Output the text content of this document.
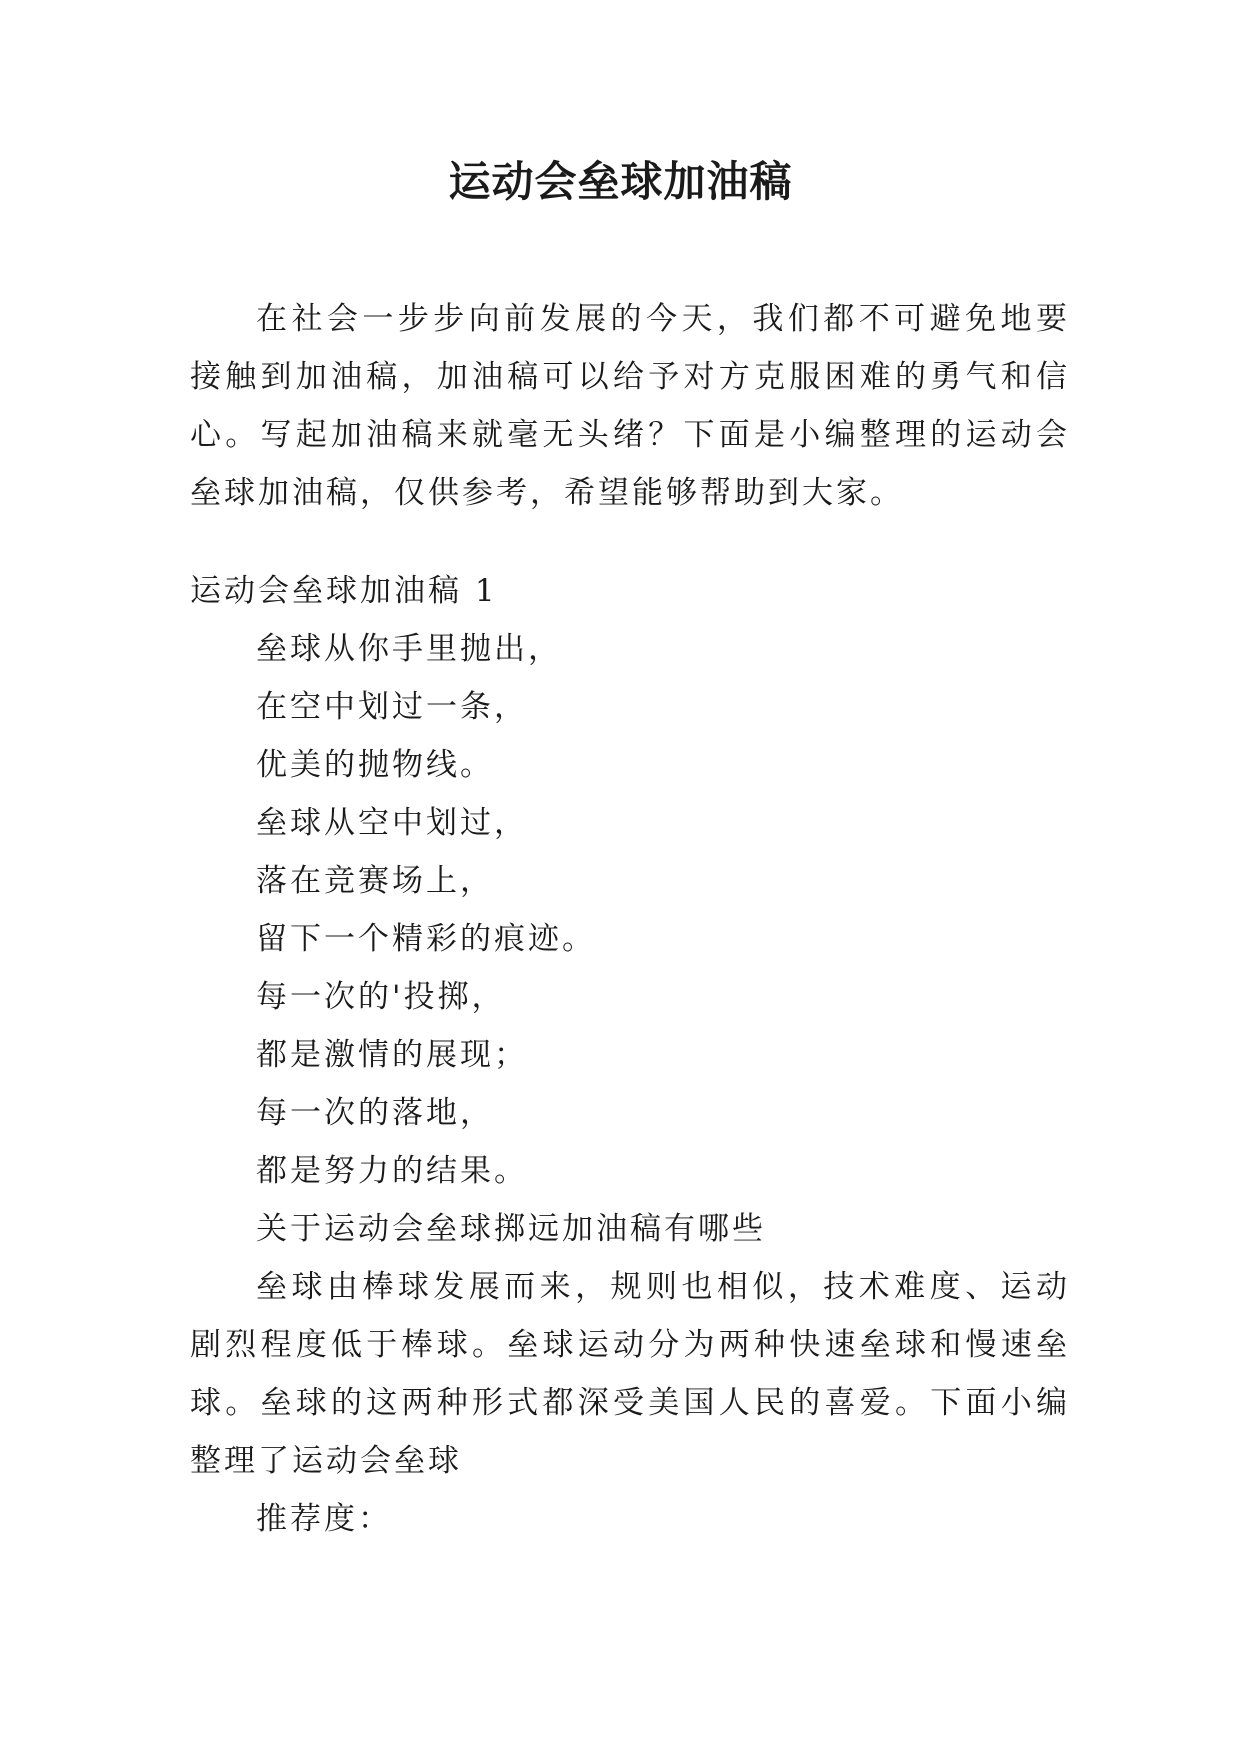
运动会垒球加油稿

在社会一步步向前发展的今天，我们都不可避免地要接触到加油稿，加油稿可以给予对方克服困难的勇气和信心。写起加油稿来就毫无头绪？下面是小编整理的运动会垒球加油稿，仅供参考，希望能够帮助到大家。

运动会垒球加油稿 1

垒球从你手里抛出，

在空中划过一条，

优美的抛物线。

垒球从空中划过，

落在竞赛场上，

留下一个精彩的痕迹。

每一次的'投掷，

都是激情的展现；

每一次的落地，

都是努力的结果。

关于运动会垒球掷远加油稿有哪些

垒球由棒球发展而来，规则也相似，技术难度、运动剧烈程度低于棒球。垒球运动分为两种快速垒球和慢速垒球。垒球的这两种形式都深受美国人民的喜爱。下面小编整理了运动会垒球

推荐度：
